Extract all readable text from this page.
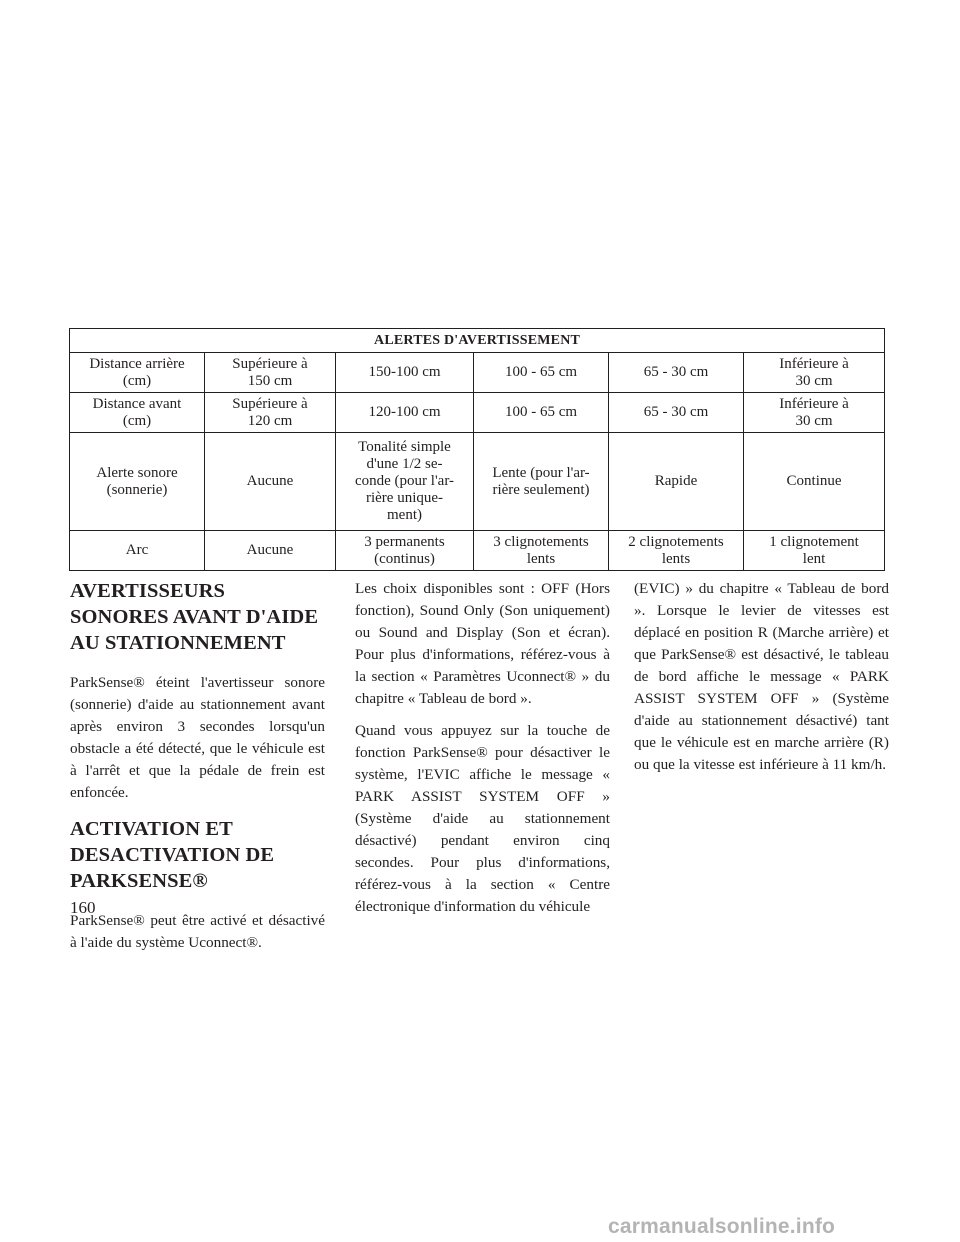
ALERTES D'AVERTISSEMENT					

Distance arrière
(cm)	Supérieure à
150 cm	150-100 cm	100 - 65 cm	65 - 30 cm	Inférieure à
30 cm

Distance avant
(cm)	Supérieure à
120 cm	120-100 cm	100 - 65 cm	65 - 30 cm	Inférieure à
30 cm

Alerte sonore
(sonnerie)	Aucune	Tonalité simple
d'une 1/2 se-
conde (pour l'ar-
rière unique-
ment)	Lente (pour l'ar-
rière seulement)	Rapide	Continue

Arc	Aucune	3 permanents
(continus)	3 clignotements
lents	2 clignotements
lents	1 clignotement
lent
AVERTISSEURS SONORES AVANT D'AIDE AU STATIONNEMENT

ParkSense® éteint l'avertisseur sonore (sonnerie) d'aide au stationnement avant après environ 3 secondes lorsqu'un obstacle a été détecté, que le véhicule est à l'arrêt et que la pédale de frein est enfoncée.

ACTIVATION ET DESACTIVATION DE PARKSENSE®

ParkSense® peut être activé et désactivé à l'aide du système Uconnect®.

Les choix disponibles sont : OFF (Hors fonction), Sound Only (Son uniquement) ou Sound and Display (Son et écran). Pour plus d'informations, référez-vous à la section « Paramètres Uconnect® » du chapitre « Tableau de bord ».

Quand vous appuyez sur la touche de fonction ParkSense® pour désactiver le système, l'EVIC affiche le message « PARK ASSIST SYSTEM OFF » (Système d'aide au stationnement désactivé) pendant environ cinq secondes. Pour plus d'informations, référez-vous à la section « Centre électronique d'information du véhicule

(EVIC) » du chapitre « Tableau de bord ». Lorsque le levier de vitesses est déplacé en position R (Marche arrière) et que ParkSense® est désactivé, le tableau de bord affiche le message « PARK ASSIST SYSTEM OFF » (Système d'aide au stationnement désactivé) tant que le véhicule est en marche arrière (R) ou que la vitesse est inférieure à 11 km/h.

160
carmanualsonline.info
